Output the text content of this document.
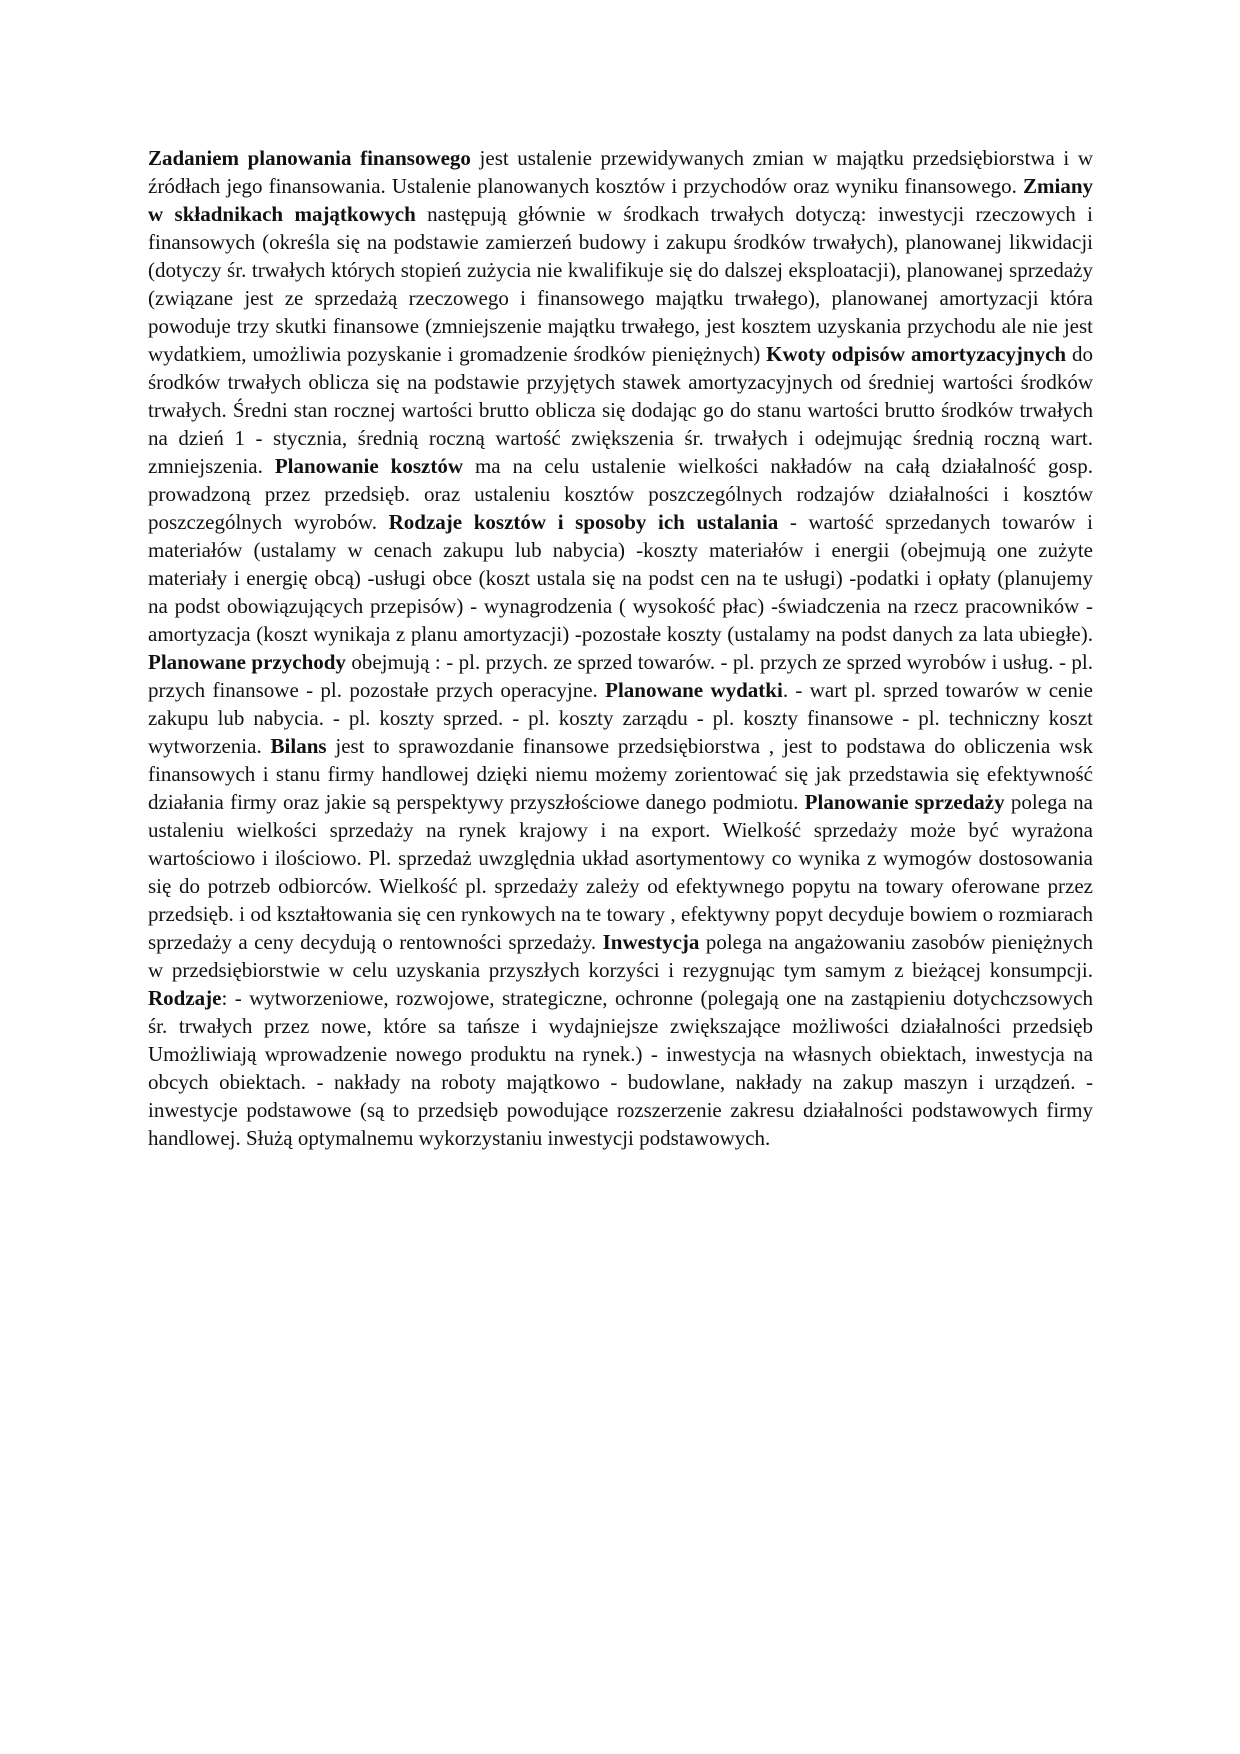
Zadaniem planowania finansowego jest ustalenie przewidywanych zmian w majątku przedsiębiorstwa i w źródłach jego finansowania. Ustalenie planowanych kosztów i przychodów oraz wyniku finansowego. Zmiany w składnikach majątkowych następują głównie w środkach trwałych dotyczą: inwestycji rzeczowych i finansowych (określa się na podstawie zamierzeń budowy i zakupu środków trwałych), planowanej likwidacji (dotyczy śr. trwałych których stopień zużycia nie kwalifikuje się do dalszej eksploatacji), planowanej sprzedaży (związane jest ze sprzedażą rzeczowego i finansowego majątku trwałego), planowanej amortyzacji która powoduje trzy skutki finansowe (zmniejszenie majątku trwałego, jest kosztem uzyskania przychodu ale nie jest wydatkiem, umożliwia pozyskanie i gromadzenie środków pieniężnych) Kwoty odpisów amortyzacyjnych do środków trwałych oblicza się na podstawie przyjętych stawek amortyzacyjnych od średniej wartości środków trwałych. Średni stan rocznej wartości brutto oblicza się dodając go do stanu wartości brutto środków trwałych na dzień 1 - stycznia, średnią roczną wartość zwiększenia śr. trwałych i odejmując średnią roczną wart. zmniejszenia. Planowanie kosztów ma na celu ustalenie wielkości nakładów na całą działalność gosp. prowadzoną przez przedsięb. oraz ustaleniu kosztów poszczególnych rodzajów działalności i kosztów poszczególnych wyrobów. Rodzaje kosztów i sposoby ich ustalania - wartość sprzedanych towarów i materiałów (ustalamy w cenach zakupu lub nabycia) -koszty materiałów i energii (obejmują one zużyte materiały i energię obcą) -usługi obce (koszt ustala się na podst cen na te usługi) -podatki i opłaty (planujemy na podst obowiązujących przepisów) - wynagrodzenia ( wysokość płac) -świadczenia na rzecz pracowników - amortyzacja (koszt wynikaja z planu amortyzacji) -pozostałe koszty (ustalamy na podst danych za lata ubiegłe). Planowane przychody obejmują : - pl. przych. ze sprzed towarów. - pl. przych ze sprzed wyrobów i usług. - pl. przych finansowe - pl. pozostałe przych operacyjne. Planowane wydatki. - wart pl. sprzed towarów w cenie zakupu lub nabycia. - pl. koszty sprzed. - pl. koszty zarządu - pl. koszty finansowe - pl. techniczny koszt wytworzenia. Bilans jest to sprawozdanie finansowe przedsiębiorstwa , jest to podstawa do obliczenia wsk finansowych i stanu firmy handlowej dzięki niemu możemy zorientować się jak przedstawia się efektywność działania firmy oraz jakie są perspektywy przyszłościowe danego podmiotu. Planowanie sprzedaży polega na ustaleniu wielkości sprzedaży na rynek krajowy i na export. Wielkość sprzedaży może być wyrażona wartościowo i ilościowo. Pl. sprzedaż uwzględnia układ asortymentowy co wynika z wymogów dostosowania się do potrzeb odbiorców. Wielkość pl. sprzedaży zależy od efektywnego popytu na towary oferowane przez przedsięb. i od kształtowania się cen rynkowych na te towary , efektywny popyt decyduje bowiem o rozmiarach sprzedaży a ceny decydują o rentowności sprzedaży. Inwestycja polega na angażowaniu zasobów pieniężnych w przedsiębiorstwie w celu uzyskania przyszłych korzyści i rezygnując tym samym z bieżącej konsumpcji. Rodzaje: - wytworzeniowe, rozwojowe, strategiczne, ochronne (polegają one na zastąpieniu dotychczsowych śr. trwałych przez nowe, które sa tańsze i wydajniejsze zwiększające możliwości działalności przedsięb Umożliwiają wprowadzenie nowego produktu na rynek.) - inwestycja na własnych obiektach, inwestycja na obcych obiektach. - nakłady na roboty majątkowo - budowlane, nakłady na zakup maszyn i urządzeń. - inwestycje podstawowe (są to przedsięb powodujące rozszerzenie zakresu działalności podstawowych firmy handlowej. Służą optymalnemu wykorzystaniu inwestycji podstawowych.
